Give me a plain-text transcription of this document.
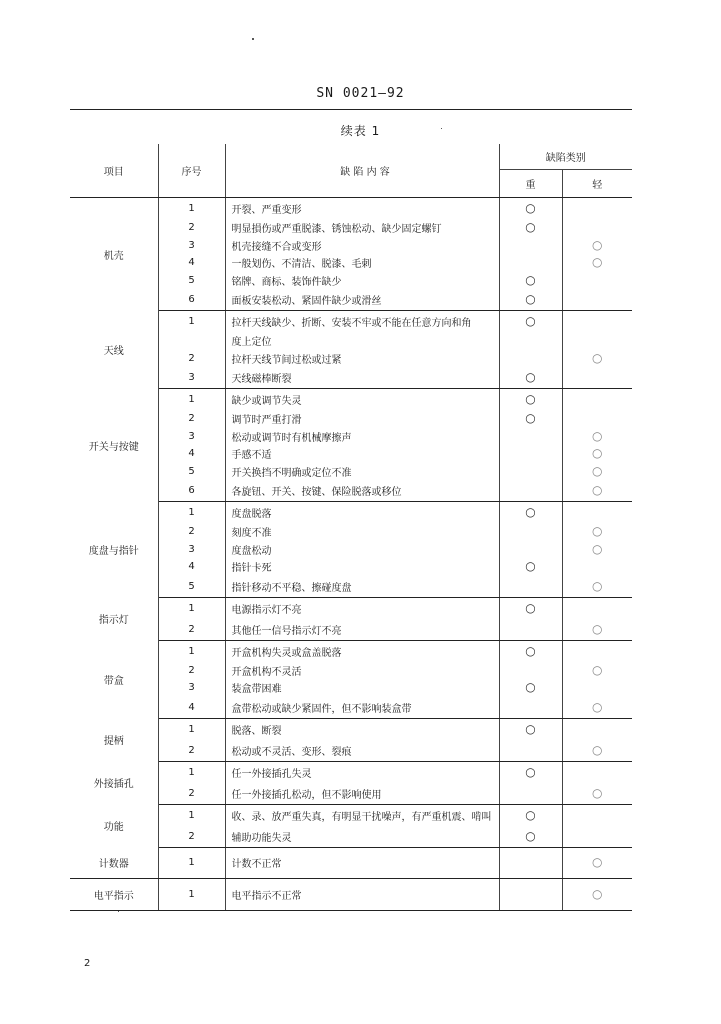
SN 0021—92
续表 1
项目	序号	缺 陷 内 容	缺陷类别	
			重	轻
机壳	1	开裂、严重变形	○	
	2	明显損伤或严重脱漆、锈蚀松动、缺少固定螺钉	○	
	3	机壳接缝不合或变形		○
	4	一般划伤、不清洁、脱漆、毛刺		○
	5	铭牌、商标、装饰件缺少	○	
	6	面板安装松动、紧固件缺少或滑丝	○	
天线	1	拉杆天线缺少、折断、安装不牢或不能在任意方向和角	○	
		度上定位		
	2	拉杆天线节间过松或过紧		○
	3	天线磁棒断裂	○	
开关与按键	1	缺少或调节失灵	○	
	2	调节时严重打滑	○	
	3	松动或调节时有机械摩擦声		○
	4	手感不适		○
	5	开关换挡不明确或定位不准		○
	6	各旋钮、开关、按键、保险脱落或移位		○
度盘与指针	1	度盘脱落	○	
	2	刻度不准		○
	3	度盘松动		○
	4	指针卡死	○	
	5	指针移动不平稳、擦碰度盘		○
指示灯	1	电源指示灯不亮	○	
	2	其他任一信号指示灯不亮		○
带盒	1	开盒机构失灵或盒盖脱落	○	
	2	开盒机构不灵活		○
	3	装盒带困难	○	
	4	盒带松动或缺少紧固件，但不影响装盒带		○
提柄	1	脱落、断裂	○	
	2	松动或不灵活、变形、裂痕		○
外接插孔	1	任一外接插孔失灵	○	
	2	任一外接插孔松动，但不影响使用		○
功能	1	收、录、放严重失真，有明显干扰噪声，有严重机震、啃叫	○	
	2	辅助功能失灵	○	
计数器	1	计数不正常		○
电平指示	1	电平指示不正常		○
2
